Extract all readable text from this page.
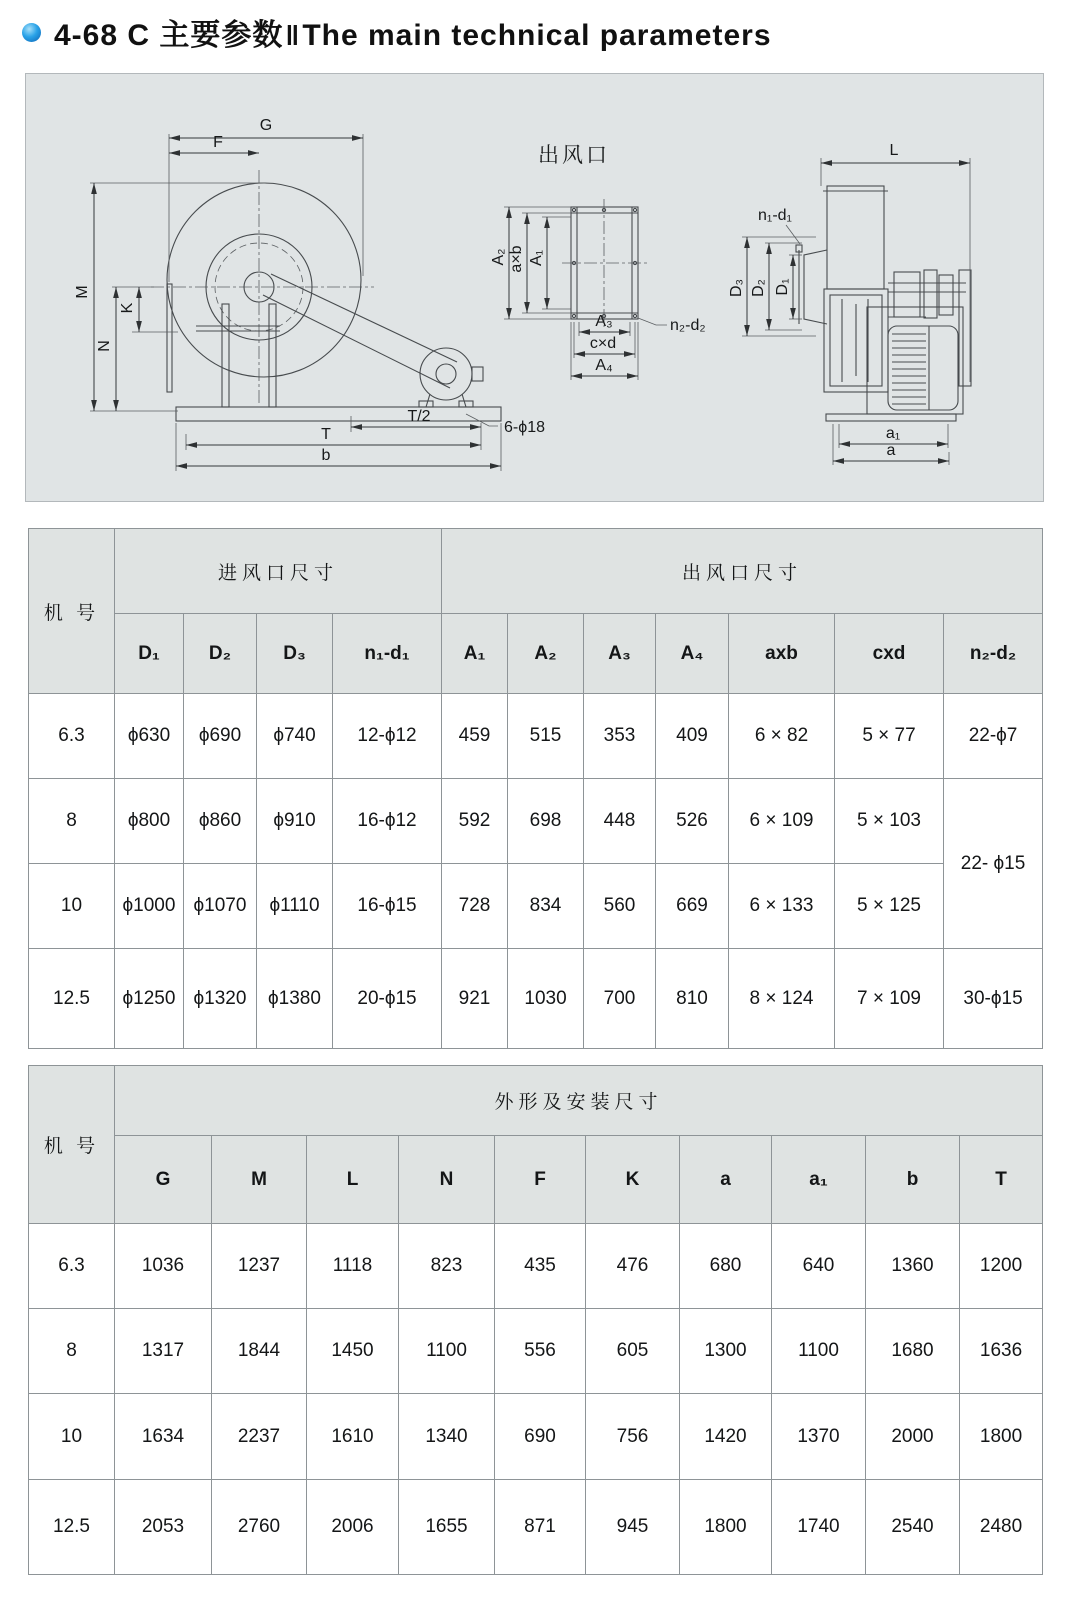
4-68 C 主要参数‖The main technical parameters
G
F
M
N
K
T/2
T
b
6-ϕ18
出风口
A₂ a×b A₁
A₃
c×d
A₄
n₂-d₂
L
n₁-d₁
D₃ D₂ D₁
a₁
a
机 号	进风口尺寸				出风口尺寸						
	D₁	D₂	D₃	n₁-d₁	A₁	A₂	A₃	A₄	axb	cxd	n₂-d₂
6.3	ϕ630	ϕ690	ϕ740	12-ϕ12	459	515	353	409	6 × 82	5 × 77	22-ϕ7
8	ϕ800	ϕ860	ϕ910	16-ϕ12	592	698	448	526	6 × 109	5 × 103	22- ϕ15
10	ϕ1000	ϕ1070	ϕ1110	16-ϕ15	728	834	560	669	6 × 133	5 × 125	
12.5	ϕ1250	ϕ1320	ϕ1380	20-ϕ15	921	1030	700	810	8 × 124	7 × 109	30-ϕ15
机 号	外形及安装尺寸									
	G	M	L	N	F	K	a	a₁	b	T
6.3	1036	1237	1118	823	435	476	680	640	1360	1200
8	1317	1844	1450	1100	556	605	1300	1100	1680	1636
10	1634	2237	1610	1340	690	756	1420	1370	2000	1800
12.5	2053	2760	2006	1655	871	945	1800	1740	2540	2480
